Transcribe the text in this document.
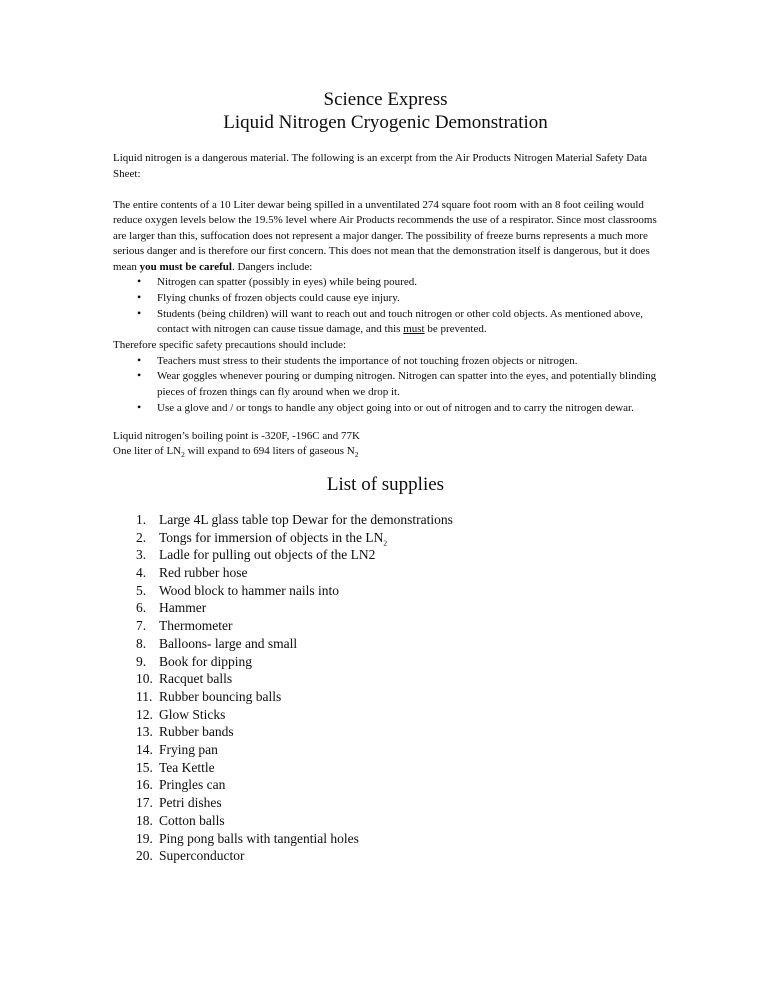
Science Express
Liquid Nitrogen Cryogenic Demonstration

Liquid nitrogen is a dangerous material. The following is an excerpt from the Air Products Nitrogen Material Safety Data Sheet:

The entire contents of a 10 Liter dewar being spilled in a unventilated 274 square foot room with an 8 foot ceiling would reduce oxygen levels below the 19.5% level where Air Products recommends the use of a respirator. Since most classrooms are larger than this, suffocation does not represent a major danger. The possibility of freeze burns represents a much more serious danger and is therefore our first concern. This does not mean that the demonstration itself is dangerous, but it does mean you must be careful. Dangers include:

• Nitrogen can spatter (possibly in eyes) while being poured.
• Flying chunks of frozen objects could cause eye injury.
• Students (being children) will want to reach out and touch nitrogen or other cold objects. As mentioned above, contact with nitrogen can cause tissue damage, and this must be prevented.

Therefore specific safety precautions should include:

• Teachers must stress to their students the importance of not touching frozen objects or nitrogen.
• Wear goggles whenever pouring or dumping nitrogen. Nitrogen can spatter into the eyes, and potentially blinding pieces of frozen things can fly around when we drop it.
• Use a glove and / or tongs to handle any object going into or out of nitrogen and to carry the nitrogen dewar.

Liquid nitrogen’s boiling point is -320F, -196C and 77K

One liter of $LN_2$ will expand to 694 liters of gaseous $N_2$

List of supplies
1. Large 4L glass table top Dewar for the demonstrations
2. Tongs for immersion of objects in the $LN_2$
3. Ladle for pulling out objects of the LN2
4. Red rubber hose
5. Wood block to hammer nails into
6. Hammer
7. Thermometer
8. Balloons- large and small
9. Book for dipping
10. Racquet balls
11. Rubber bouncing balls
12. Glow Sticks
13. Rubber bands
14. Frying pan
15. Tea Kettle
16. Pringles can
17. Petri dishes
18. Cotton balls
19. Ping pong balls with tangential holes
20. Superconductor
